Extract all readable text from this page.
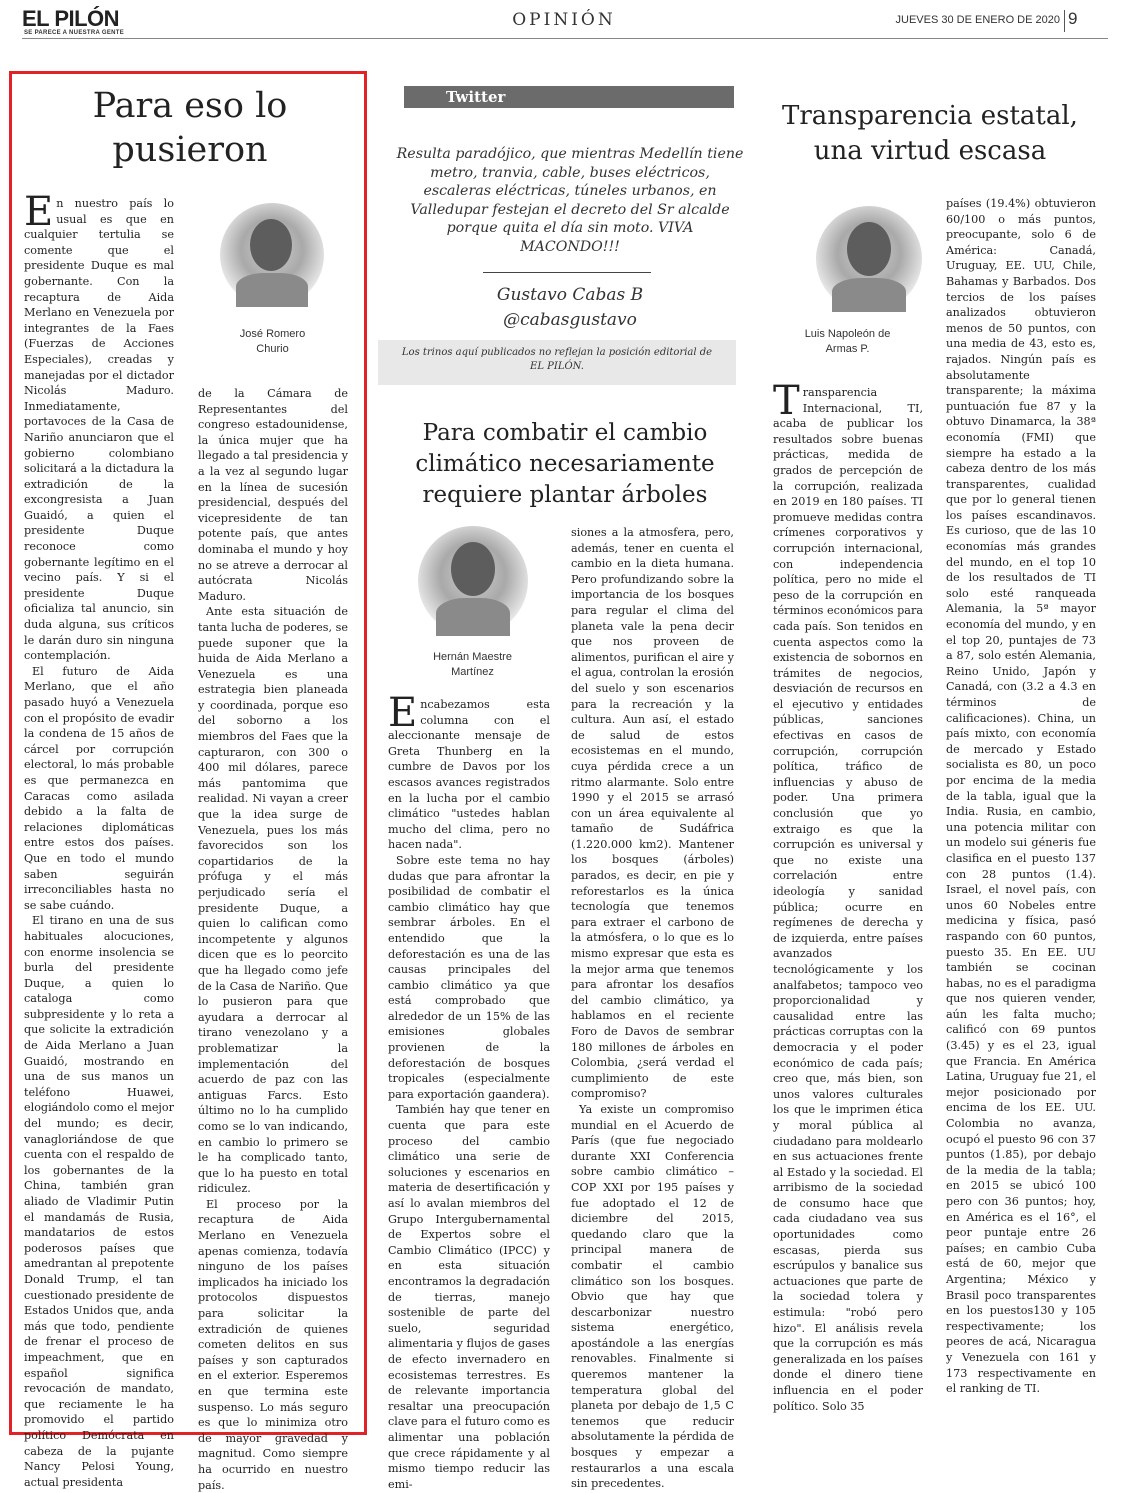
EL PILÓN
SE PARECE A NUESTRA GENTE
OPINIÓN	JUEVES 30 DE ENERO DE 2020 9
Para eso lo
pusieron
José Romero
Churio

En nuestro país lo usual es que en cualquier tertulia se comente que el presidente Duque es mal gobernante. Con la recaptura de Aida Merlano en Venezuela por integrantes de la Faes (Fuerzas de Acciones Especiales), creadas y manejadas por el dictador Nicolás Maduro. Inmediatamente, portavoces de la Casa de Nariño anunciaron que el gobierno colombiano solicitará a la dictadura la extradición de la excongresista a Juan Guaidó, a quien el presidente Duque reconoce como gobernante legítimo en el vecino país. Y si el presidente Duque oficializa tal anuncio, sin duda alguna, sus críticos le darán duro sin ninguna contemplación.

El futuro de Aida Merlano, que el año pasado huyó a Venezuela con el propósito de evadir la condena de 15 años de cárcel por corrupción electoral, lo más probable es que permanezca en Caracas como asilada debido a la falta de relaciones diplomáticas entre estos dos países. Que en todo el mundo saben seguirán irreconciliables hasta no se sabe cuándo.

El tirano en una de sus habituales alocuciones, con enorme insolencia se burla del presidente Duque, a quien lo cataloga como subpresidente y lo reta a que solicite la extradición de Aida Merlano a Juan Guaidó, mostrando en una de sus manos un teléfono Huawei, elogiándolo como el mejor del mundo; es decir, vanagloriándose de que cuenta con el respaldo de los gobernantes de la China, también gran aliado de Vladimir Putin el mandamás de Rusia, mandatarios de estos poderosos países que amedrantan al prepotente Donald Trump, el tan cuestionado presidente de Estados Unidos que, anda más que todo, pendiente de frenar el proceso de impeachment, que en español significa revocación de mandato, que reciamente le ha promovido el partido político Demócrata en cabeza de la pujante Nancy Pelosi Young, actual presidenta

de la Cámara de Representantes del congreso estadounidense, la única mujer que ha llegado a tal presidencia y a la vez al segundo lugar en la línea de sucesión presidencial, después del vicepresidente de tan potente país, que antes dominaba el mundo y hoy no se atreve a derrocar al autócrata Nicolás Maduro.

Ante esta situación de tanta lucha de poderes, se puede suponer que la huida de Aida Merlano a Venezuela es una estrategia bien planeada y coordinada, porque eso del soborno a los miembros del Faes que la capturaron, con 300 o 400 mil dólares, parece más pantomima que realidad. Ni vayan a creer que la idea surge de Venezuela, pues los más favorecidos son los copartidarios de la prófuga y el más perjudicado sería el presidente Duque, a quien lo califican como incompetente y algunos dicen que es lo peorcito que ha llegado como jefe de la Casa de Nariño. Que lo pusieron para que ayudara a derrocar al tirano venezolano y a problematizar la implementación del acuerdo de paz con las antiguas Farcs. Esto último no lo ha cumplido como se lo van indicando, en cambio lo primero se le ha complicado tanto, que lo ha puesto en total ridiculez.

El proceso por la recaptura de Aida Merlano en Venezuela apenas comienza, todavía ninguno de los países implicados ha iniciado los protocolos dispuestos para solicitar la extradición de quienes cometen delitos en sus países y son capturados en el exterior. Esperemos en que termina este suspenso. Lo más seguro es que lo minimiza otro de mayor gravedad y magnitud. Como siempre ha ocurrido en nuestro país.

Twitter
Resulta paradójico, que mientras Medellín tiene metro, tranvia, cable, buses eléctricos, escaleras eléctricas, túneles urbanos, en Valledupar festejan el decreto del Sr alcalde porque quita el día sin moto. VIVA MACONDO!!!
Gustavo Cabas B
@cabasgustavo
Los trinos aquí publicados no reflejan la posición editorial de EL PILÓN.
Para combatir el cambio climático necesariamente requiere plantar árboles
Hernán Maestre
Martínez

Encabezamos esta columna con el aleccionante mensaje de Greta Thunberg en la cumbre de Davos por los escasos avances registrados en la lucha por el cambio climático "ustedes hablan mucho del clima, pero no hacen nada".

Sobre este tema no hay dudas que para afrontar la posibilidad de combatir el cambio climático hay que sembrar árboles. En el entendido que la deforestación es una de las causas principales del cambio climático ya que está comprobado que alrededor de un 15% de las emisiones globales provienen de la deforestación de bosques tropicales (especialmente para exportación gaandera).

También hay que tener en cuenta que para este proceso del cambio climático una serie de soluciones y escenarios en materia de desertificación y así lo avalan miembros del Grupo Intergubernamental de Expertos sobre el Cambio Climático (IPCC) y en esta situación encontramos la degradación de tierras, manejo sostenible de parte del suelo, seguridad alimentaria y flujos de gases de efecto invernadero en ecosistemas terrestres. Es de relevante importancia resaltar una preocupación clave para el futuro como es alimentar una población que crece rápidamente y al mismo tiempo reducir las emi-

siones a la atmosfera, pero, además, tener en cuenta el cambio en la dieta humana. Pero profundizando sobre la importancia de los bosques para regular el clima del planeta vale la pena decir que nos proveen de alimentos, purifican el aire y el agua, controlan la erosión del suelo y son escenarios para la recreación y la cultura. Aun así, el estado de salud de estos ecosistemas en el mundo, cuya pérdida crece a un ritmo alarmante. Solo entre 1990 y el 2015 se arrasó con un área equivalente al tamaño de Sudáfrica (1.220.000 km2). Mantener los bosques (árboles) parados, es decir, en pie y reforestarlos es la única tecnología que tenemos para extraer el carbono de la atmósfera, o lo que es lo mismo expresar que esta es la mejor arma que tenemos para afrontar los desafíos del cambio climático, ya hablamos en el reciente Foro de Davos de sembrar 180 millones de árboles en Colombia, ¿será verdad el cumplimiento de este compromiso?

Ya existe un compromiso mundial en el Acuerdo de París (que fue negociado durante XXI Conferencia sobre cambio climático – COP XXI por 195 países y fue adoptado el 12 de diciembre del 2015, quedando claro que la principal manera de combatir el cambio climático son los bosques. Obvio que hay que descarbonizar nuestro sistema energético, apostándole a las energías renovables. Finalmente si queremos mantener la temperatura global del planeta por debajo de 1,5 C tenemos que reducir absolutamente la pérdida de bosques y empezar a restaurarlos a una escala sin precedentes.

Transparencia estatal,
una virtud escasa
Luis Napoleón de
Armas P.

Transparencia Internacional, TI, acaba de publicar los resultados sobre buenas prácticas, medida de grados de percepción de la corrupción, realizada en 2019 en 180 países. TI promueve medidas contra crímenes corporativos y corrupción internacional, con independencia política, pero no mide el peso de la corrupción en términos económicos para cada país. Son tenidos en cuenta aspectos como la existencia de sobornos en trámites de negocios, desviación de recursos en el ejecutivo y entidades públicas, sanciones efectivas en casos de corrupción, corrupción política, tráfico de influencias y abuso de poder. Una primera conclusión que yo extraigo es que la corrupción es universal y que no existe una correlación entre ideología y sanidad pública; ocurre en regímenes de derecha y de izquierda, entre países avanzados tecnológicamente y los analfabetos; tampoco veo proporcionalidad y causalidad entre las prácticas corruptas con la democracia y el poder económico de cada país; creo que, más bien, son unos valores culturales los que le imprimen ética y moral pública al ciudadano para moldearlo en sus actuaciones frente al Estado y la sociedad. El arribismo de la sociedad de consumo hace que cada ciudadano vea sus oportunidades como escasas, pierda sus escrúpulos y banalice sus actuaciones que parte de la sociedad tolera y estimula: "robó pero hizo". El análisis revela que la corrupción es más generalizada en los países donde el dinero tiene influencia en el poder político. Solo 35

países (19.4%) obtuvieron 60/100 o más puntos, preocupante, solo 6 de América: Canadá, Uruguay, EE. UU, Chile, Bahamas y Barbados. Dos tercios de los países analizados obtuvieron menos de 50 puntos, con una media de 43, esto es, rajados. Ningún país es absolutamente transparente; la máxima puntuación fue 87 y la obtuvo Dinamarca, la 38ª economía (FMI) que siempre ha estado a la cabeza dentro de los más transparentes, cualidad que por lo general tienen los países escandinavos. Es curioso, que de las 10 economías más grandes del mundo, en el top 10 de los resultados de TI solo esté ranqueada Alemania, la 5ª mayor economía del mundo, y en el top 20, puntajes de 73 a 87, solo estén Alemania, Reino Unido, Japón y Canadá, con (3.2 a 4.3 en términos de calificaciones). China, un país mixto, con economía de mercado y Estado socialista es 80, un poco por encima de la media de la tabla, igual que la India. Rusia, en cambio, una potencia militar con un modelo sui géneris fue clasifica en el puesto 137 con 28 puntos (1.4). Israel, el novel país, con unos 60 Nobeles entre medicina y física, pasó raspando con 60 puntos, puesto 35. En EE. UU también se cocinan habas, no es el paradigma que nos quieren vender, aún les falta mucho; calificó con 69 puntos (3.45) y es el 23, igual que Francia. En América Latina, Uruguay fue 21, el mejor posicionado por encima de los EE. UU. Colombia no avanza, ocupó el puesto 96 con 37 puntos (1.85), por debajo de la media de la tabla; en 2015 se ubicó 100 pero con 36 puntos; hoy, en América es el 16°, el peor puntaje entre 26 países; en cambio Cuba está de 60, mejor que Argentina; México y Brasil poco transparentes en los puestos130 y 105 respectivamente; los peores de acá, Nicaragua y Venezuela con 161 y 173 respectivamente en el ranking de TI.
